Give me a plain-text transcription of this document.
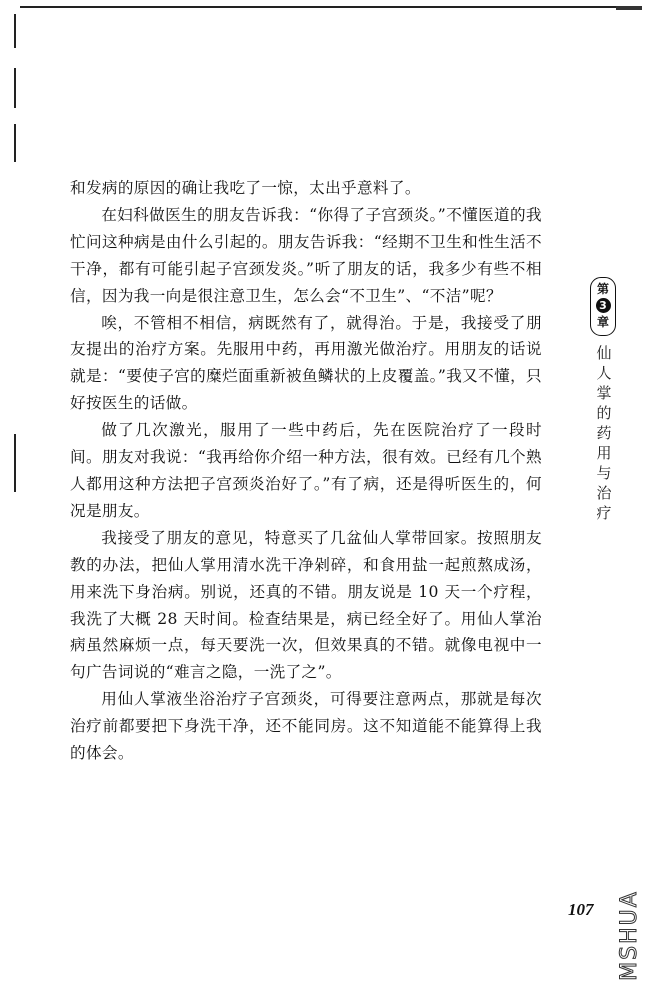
和发病的原因的确让我吃了一惊，太出乎意料了。

在妇科做医生的朋友告诉我：“你得了子宫颈炎。”不懂医道的我忙问这种病是由什么引起的。朋友告诉我：“经期不卫生和性生活不干净，都有可能引起子宫颈发炎。”听了朋友的话，我多少有些不相信，因为我一向是很注意卫生，怎么会“不卫生”、“不洁”呢？

唉，不管相不相信，病既然有了，就得治。于是，我接受了朋友提出的治疗方案。先服用中药，再用激光做治疗。用朋友的话说就是：“要使子宫的糜烂面重新被鱼鳞状的上皮覆盖。”我又不懂，只好按医生的话做。

做了几次激光，服用了一些中药后，先在医院治疗了一段时间。朋友对我说：“我再给你介绍一种方法，很有效。已经有几个熟人都用这种方法把子宫颈炎治好了。”有了病，还是得听医生的，何况是朋友。

我接受了朋友的意见，特意买了几盆仙人掌带回家。按照朋友教的办法，把仙人掌用清水洗干净剁碎，和食用盐一起煎熬成汤，用来洗下身治病。别说，还真的不错。朋友说是 10 天一个疗程，我洗了大概 28 天时间。检查结果是，病已经全好了。用仙人掌治病虽然麻烦一点，每天要洗一次，但效果真的不错。就像电视中一句广告词说的“难言之隐，一洗了之”。

用仙人掌液坐浴治疗子宫颈炎，可得要注意两点，那就是每次治疗前都要把下身洗干净，还不能同房。这不知道能不能算得上我的体会。

第
3
章
仙人掌的药用与治疗
107 MSHUA
